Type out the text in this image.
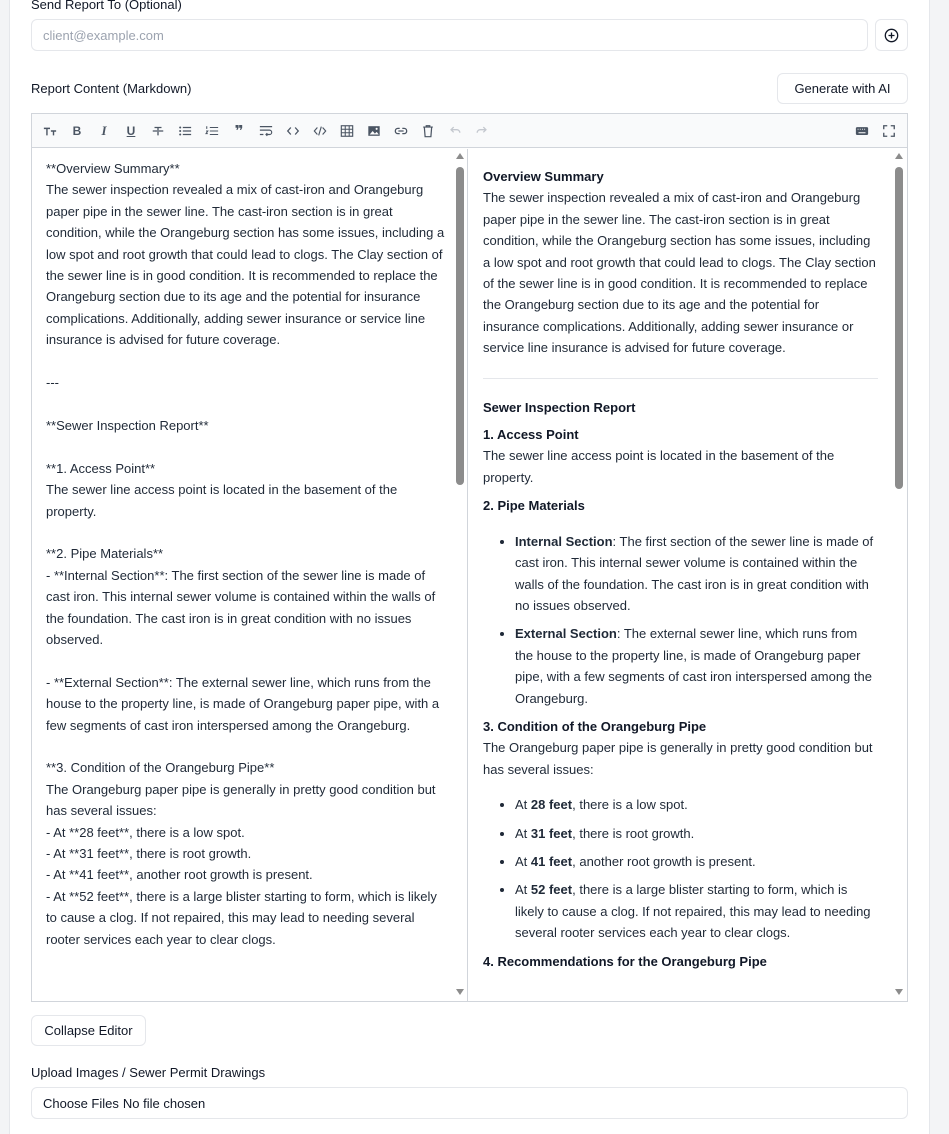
Send Report To (Optional)
client@example.com
Report Content (Markdown)	Generate with AI
B	I	U	❞
**Overview Summary**
The sewer inspection revealed a mix of cast-iron and Orangeburg paper pipe in the sewer line. The cast-iron section is in great condition, while the Orangeburg section has some issues, including a low spot and root growth that could lead to clogs. The Clay section of the sewer line is in good condition. It is recommended to replace the Orangeburg section due to its age and the potential for insurance complications. Additionally, adding sewer insurance or service line insurance is advised for future coverage.

---

**Sewer Inspection Report**

**1. Access Point**
The sewer line access point is located in the basement of the property.

**2. Pipe Materials**
- **Internal Section**: The first section of the sewer line is made of cast iron. This internal sewer volume is contained within the walls of the foundation. The cast iron is in great condition with no issues observed.

- **External Section**: The external sewer line, which runs from the house to the property line, is made of Orangeburg paper pipe, with a few segments of cast iron interspersed among the Orangeburg.

**3. Condition of the Orangeburg Pipe**
The Orangeburg paper pipe is generally in pretty good condition but has several issues:
- At **28 feet**, there is a low spot.
- At **31 feet**, there is root growth.
- At **41 feet**, another root growth is present.
- At **52 feet**, there is a large blister starting to form, which is likely to cause a clog. If not repaired, this may lead to needing several rooter services each year to clear clogs.

Overview Summary

The sewer inspection revealed a mix of cast-iron and Orangeburg paper pipe in the sewer line. The cast-iron section is in great condition, while the Orangeburg section has some issues, including a low spot and root growth that could lead to clogs. The Clay section of the sewer line is in good condition. It is recommended to replace the Orangeburg section due to its age and the potential for insurance complications. Additionally, adding sewer insurance or service line insurance is advised for future coverage.

Sewer Inspection Report

1. Access Point

The sewer line access point is located in the basement of the property.

2. Pipe Materials

• Internal Section: The first section of the sewer line is made of cast iron. This internal sewer volume is contained within the walls of the foundation. The cast iron is in great condition with no issues observed.
• External Section: The external sewer line, which runs from the house to the property line, is made of Orangeburg paper pipe, with a few segments of cast iron interspersed among the Orangeburg.

3. Condition of the Orangeburg Pipe

The Orangeburg paper pipe is generally in pretty good condition but has several issues:

• At 28 feet, there is a low spot.
• At 31 feet, there is root growth.
• At 41 feet, another root growth is present.
• At 52 feet, there is a large blister starting to form, which is likely to cause a clog. If not repaired, this may lead to needing several rooter services each year to clear clogs.

4. Recommendations for the Orangeburg Pipe

Collapse Editor
Upload Images / Sewer Permit Drawings
Choose Files No file chosen
